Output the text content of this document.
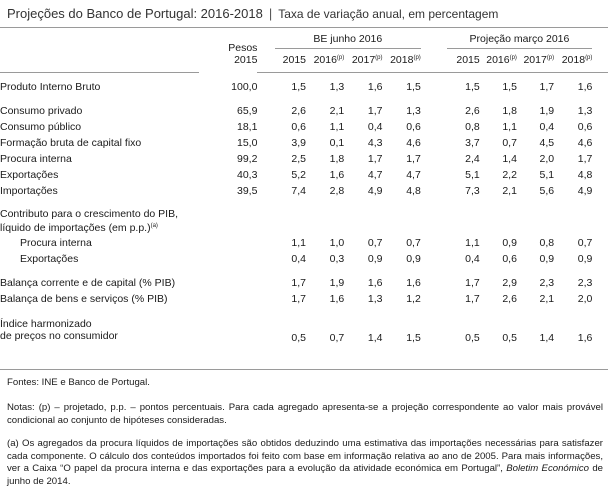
Projeções do Banco de Portugal: 2016-2018 | Taxa de variação anual, em percentagem

	Pesos
2015		BE junho 2016					Projeção março 2016				

			2015	2016$^{(p)}$	2017$^{(p)}$	2018$^{(p)}$		2015	2016$^{(p)}$	2017$^{(p)}$	2018$^{(p)}$	

Produto Interno Bruto	100,0		1,5	1,3	1,6	1,5		1,5	1,5	1,7	1,6	

Consumo privado	65,9		2,6	2,1	1,7	1,3		2,6	1,8	1,9	1,3	
Consumo público	18,1		0,6	1,1	0,4	0,6		0,8	1,1	0,4	0,6	
Formação bruta de capital fixo	15,0		3,9	0,1	4,3	4,6		3,7	0,7	4,5	4,6	
Procura interna	99,2		2,5	1,8	1,7	1,7		2,4	1,4	2,0	1,7	
Exportações	40,3		5,2	1,6	4,7	4,7		5,1	2,2	5,1	4,8	
Importações	39,5		7,4	2,8	4,9	4,8		7,3	2,1	5,6	4,9	

Contributo para o crescimento do PIB,
líquido de importações (em p.p.)$^{(a)}$

Procura interna			1,1	1,0	0,7	0,7		1,1	0,9	0,8	0,7	
Exportações			0,4	0,3	0,9	0,9		0,4	0,6	0,9	0,9	

Balança corrente e de capital (% PIB)			1,7	1,9	1,6	1,6		1,7	2,9	2,3	2,3	
Balança de bens e serviços (% PIB)			1,7	1,6	1,3	1,2		1,7	2,6	2,1	2,0	

Índice harmonizado
de preços no consumidor			0,5	0,7	1,4	1,5		0,5	0,5	1,4	1,6	
Fontes: INE e Banco de Portugal.
Notas: (p) – projetado, p.p. – pontos percentuais. Para cada agregado apresenta-se a projeção correspondente ao valor mais provável condicional ao conjunto de hipóteses consideradas.
(a) Os agregados da procura líquidos de importações são obtidos deduzindo uma estimativa das importações necessárias para satisfazer cada componente. O cálculo dos conteúdos importados foi feito com base em informação relativa ao ano de 2005. Para mais informações, ver a Caixa “O papel da procura interna e das exportações para a evolução da atividade económica em Portugal”, Boletim Económico de junho de 2014.
